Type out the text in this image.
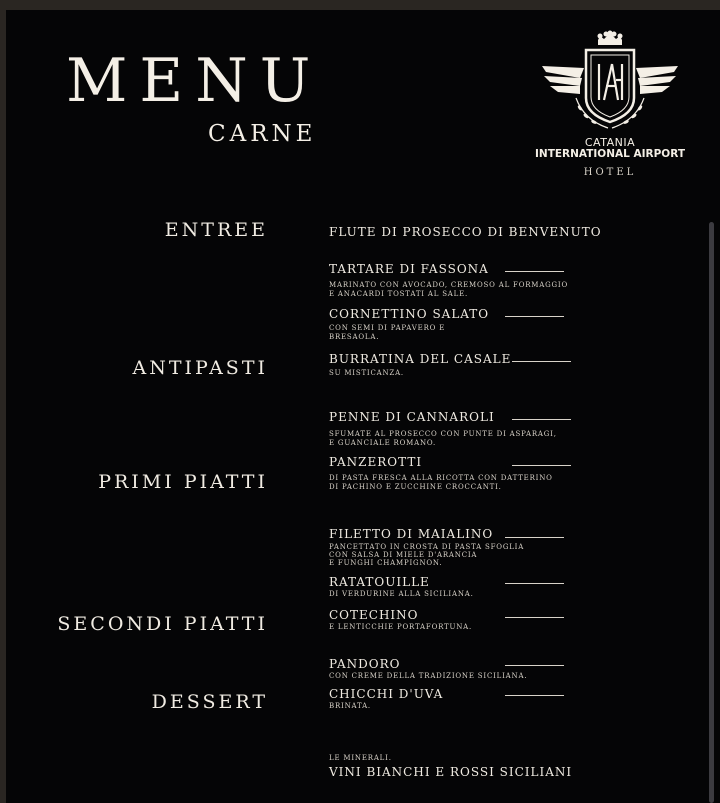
MENU
CARNE	CATANIA
INTERNATIONAL AIRPORT
HOTEL
ENTREE
ANTIPASTI
PRIMI PIATTI
SECONDI PIATTI
DESSERT
FLUTE DI PROSECCO DI BENVENUTO
TARTARE DI FASSONA
MARINATO CON AVOCADO, CREMOSO AL FORMAGGIO
E ANACARDI TOSTATI AL SALE.
CORNETTINO SALATO
CON SEMI DI PAPAVERO E
BRESAOLA.
BURRATINA DEL CASALE
SU MISTICANZA.
PENNE DI CANNAROLI
SFUMATE AL PROSECCO CON PUNTE DI ASPARAGI,
E GUANCIALE ROMANO.
PANZEROTTI
DI PASTA FRESCA ALLA RICOTTA CON DATTERINO
DI PACHINO E ZUCCHINE CROCCANTI.
FILETTO DI MAIALINO
PANCETTATO IN CROSTA DI PASTA SFOGLIA
CON SALSA DI MIELE D'ARANCIA
E FUNGHI CHAMPIGNON.
RATATOUILLE
DI VERDURINE ALLA SICILIANA.
COTECHINO
E LENTICCHIE PORTAFORTUNA.
PANDORO
CON CREME DELLA TRADIZIONE SICILIANA.
CHICCHI D'UVA
BRINATA.
LE MINERALI.
VINI BIANCHI E ROSSI SICILIANI
